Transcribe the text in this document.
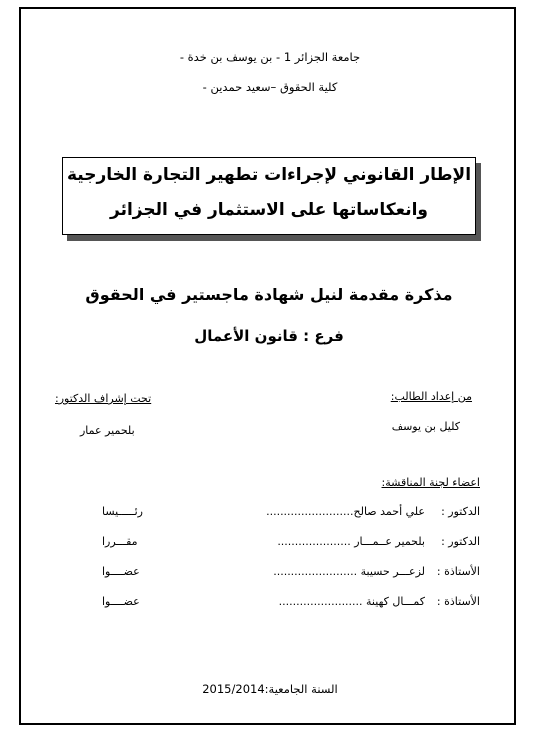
جامعة الجزائر 1 - بن يوسف بن خدة -
كلية الحقوق –سعيد حمدين -
الإطار القانوني لإجراءات تطهير التجارة الخارجية
وانعكاساتها على الاستثمار في الجزائر
مذكرة مقدمة لنيل شهادة ماجستير في الحقوق
فرع : قانون الأعمال
من إعداد الطالب:
كليل بن يوسف
تحت إشراف الدكتور:
بلحمير عمار
اعضاء لجنة المناقشة:
الدكتور :
علي أحمد صالح.........................
رئـــــيسا
الدكتور :
بلحمير عــمـــار .....................
مقـــررا
الأستاذة :
لزعـــر حسيبة ........................
عضــــوا
الأستاذة :
كمـــال كهينة ........................
عضــــوا
السنة الجامعية:2015/2014
